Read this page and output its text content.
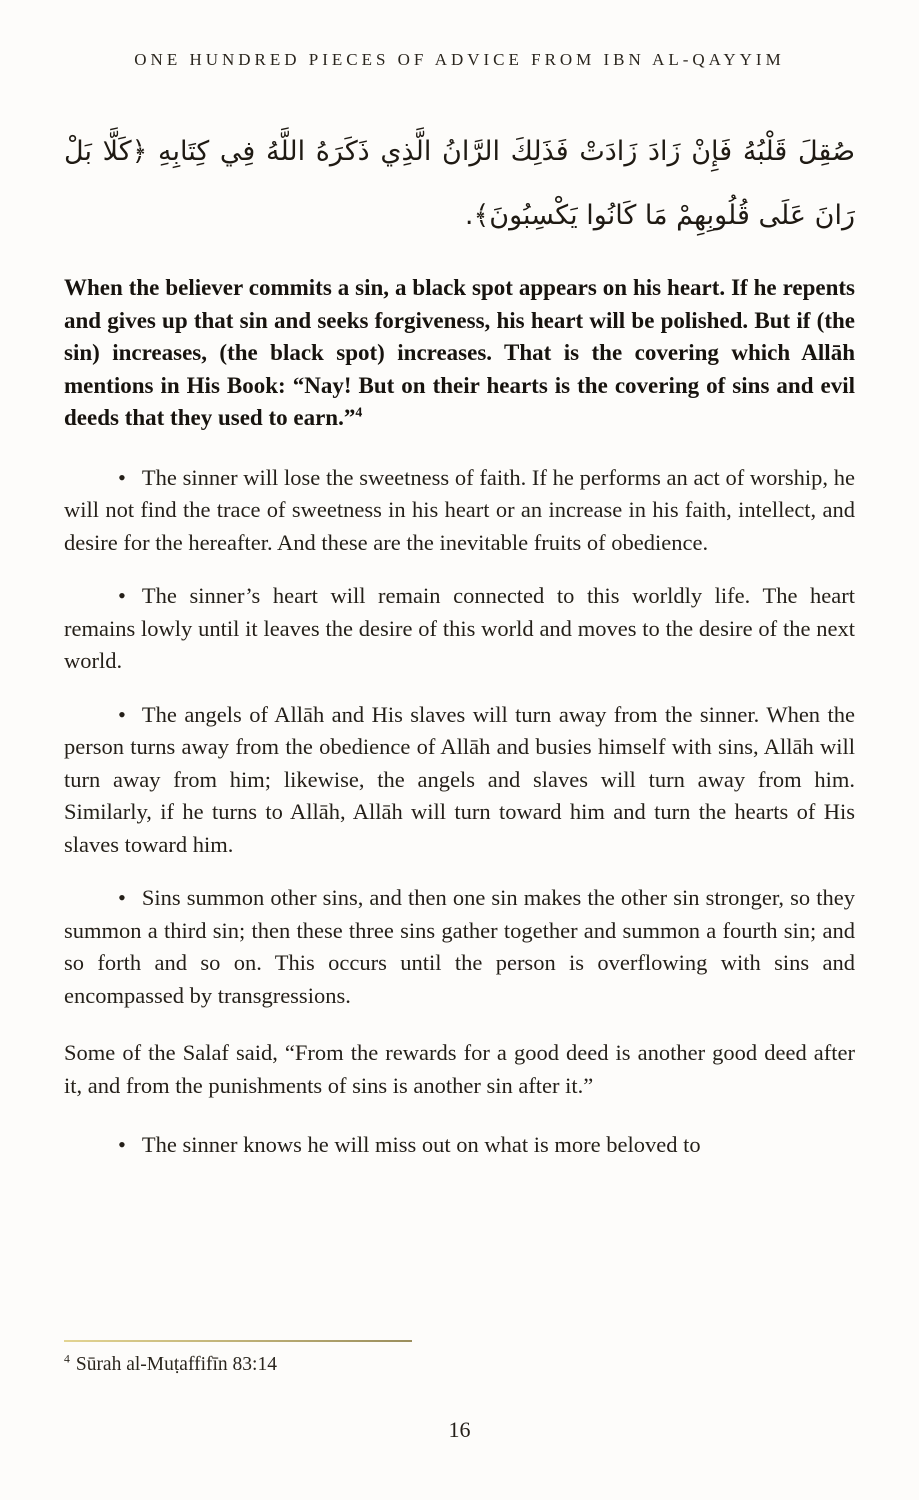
ONE HUNDRED PIECES OF ADVICE FROM IBN AL-QAYYIM
صُقِلَ قَلْبُهُ فَإِنْ زَادَ زَادَتْ فَذَلِكَ الرَّانُ الَّذِي ذَكَرَهُ اللَّهُ فِي كِتَابِهِ ﴿كَلَّا بَلْ
رَانَ عَلَى قُلُوبِهِمْ مَا كَانُوا يَكْسِبُونَ﴾.

When the believer commits a sin, a black spot appears on his heart. If he repents and gives up that sin and seeks forgiveness, his heart will be polished. But if (the sin) increases, (the black spot) increases. That is the covering which Allāh mentions in His Book: “Nay! But on their hearts is the covering of sins and evil deeds that they used to earn.”$^4$

• The sinner will lose the sweetness of faith. If he performs an act of worship, he will not find the trace of sweetness in his heart or an increase in his faith, intellect, and desire for the hereafter. And these are the inevitable fruits of obedience.

• The sinner’s heart will remain connected to this worldly life. The heart remains lowly until it leaves the desire of this world and moves to the desire of the next world.

• The angels of Allāh and His slaves will turn away from the sinner. When the person turns away from the obedience of Allāh and busies himself with sins, Allāh will turn away from him; likewise, the angels and slaves will turn away from him. Similarly, if he turns to Allāh, Allāh will turn toward him and turn the hearts of His slaves toward him.

• Sins summon other sins, and then one sin makes the other sin stronger, so they summon a third sin; then these three sins gather together and summon a fourth sin; and so forth and so on. This occurs until the person is overflowing with sins and encompassed by transgressions.

Some of the Salaf said, “From the rewards for a good deed is another good deed after it, and from the punishments of sins is another sin after it.”

• The sinner knows he will miss out on what is more beloved to

$^4$ Sūrah al-Muṭaffifīn 83:14

16
